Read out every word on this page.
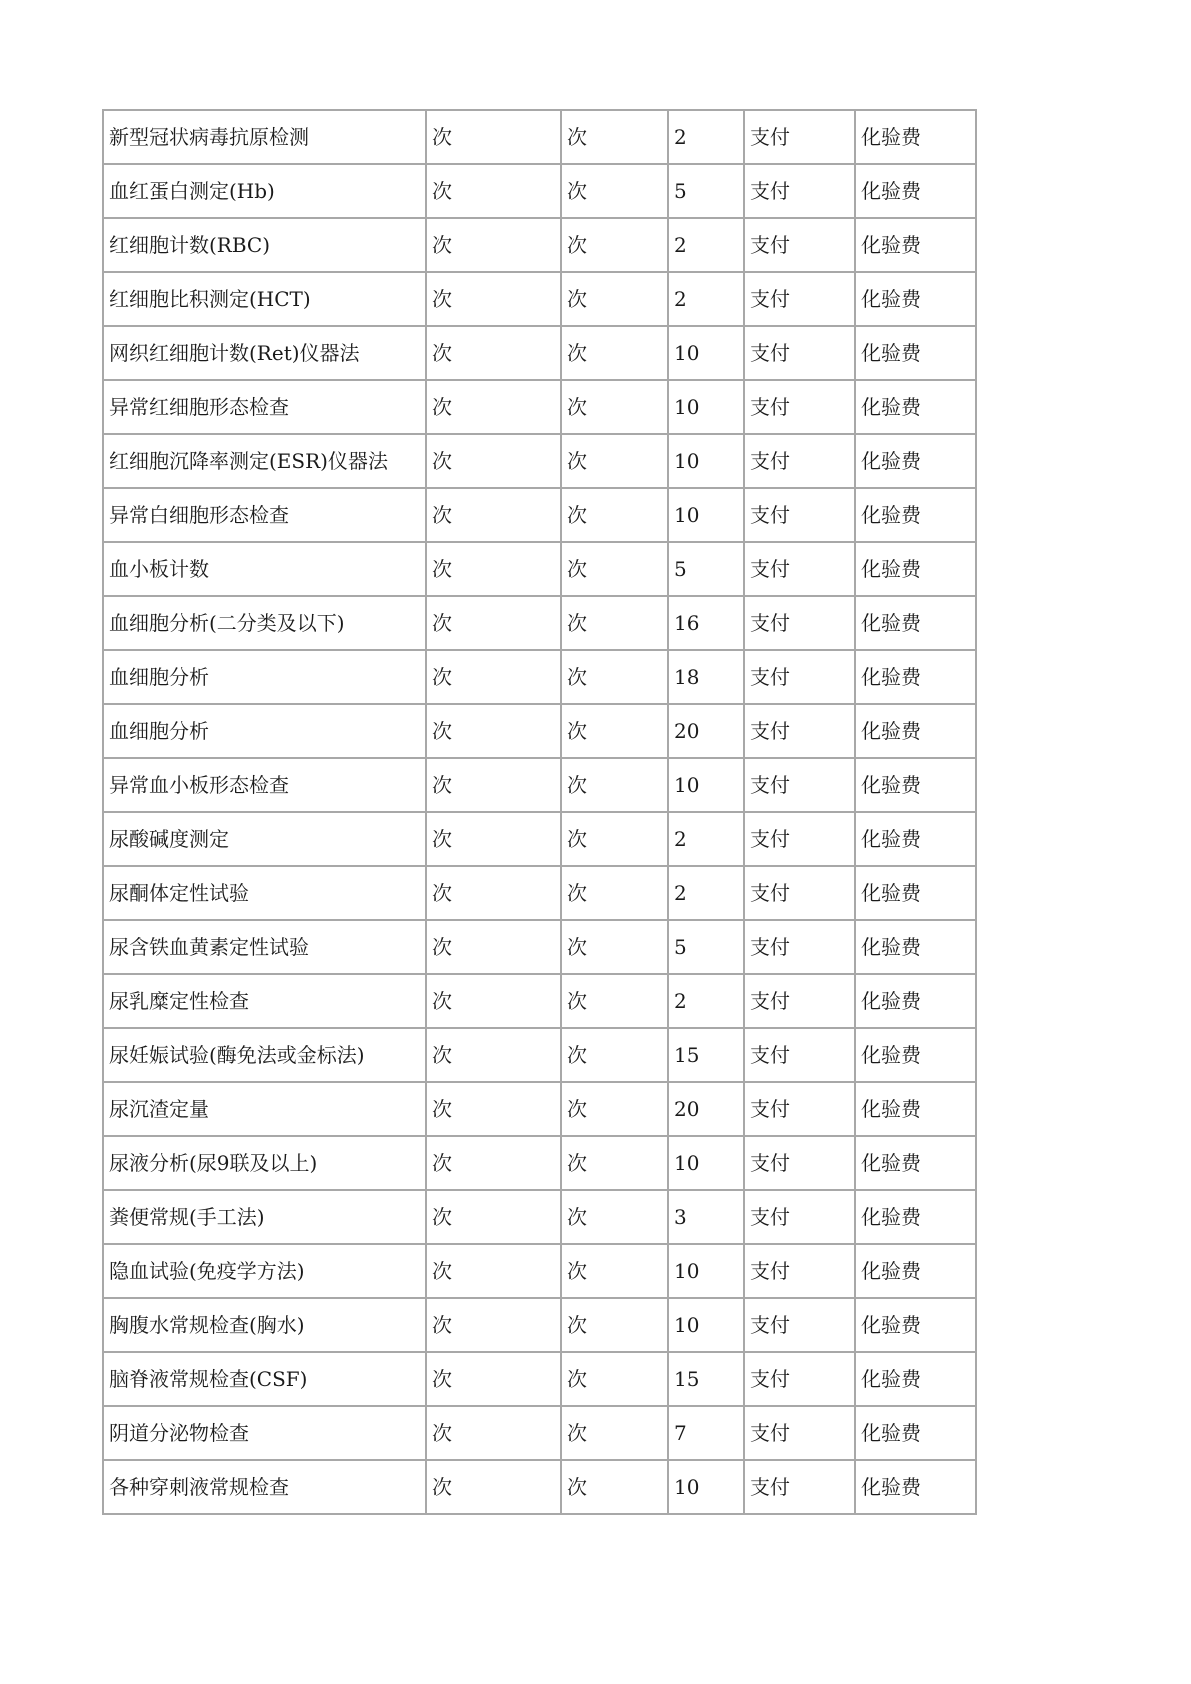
新型冠状病毒抗原检测	次	次	2	支付	化验费
血红蛋白测定(Hb)	次	次	5	支付	化验费
红细胞计数(RBC)	次	次	2	支付	化验费
红细胞比积测定(HCT)	次	次	2	支付	化验费
网织红细胞计数(Ret)仪器法	次	次	10	支付	化验费
异常红细胞形态检查	次	次	10	支付	化验费
红细胞沉降率测定(ESR)仪器法	次	次	10	支付	化验费
异常白细胞形态检查	次	次	10	支付	化验费
血小板计数	次	次	5	支付	化验费
血细胞分析(二分类及以下)	次	次	16	支付	化验费
血细胞分析	次	次	18	支付	化验费
血细胞分析	次	次	20	支付	化验费
异常血小板形态检查	次	次	10	支付	化验费
尿酸碱度测定	次	次	2	支付	化验费
尿酮体定性试验	次	次	2	支付	化验费
尿含铁血黄素定性试验	次	次	5	支付	化验费
尿乳糜定性检查	次	次	2	支付	化验费
尿妊娠试验(酶免法或金标法)	次	次	15	支付	化验费
尿沉渣定量	次	次	20	支付	化验费
尿液分析(尿9联及以上)	次	次	10	支付	化验费
粪便常规(手工法)	次	次	3	支付	化验费
隐血试验(免疫学方法)	次	次	10	支付	化验费
胸腹水常规检查(胸水)	次	次	10	支付	化验费
脑脊液常规检查(CSF)	次	次	15	支付	化验费
阴道分泌物检查	次	次	7	支付	化验费
各种穿刺液常规检查	次	次	10	支付	化验费
